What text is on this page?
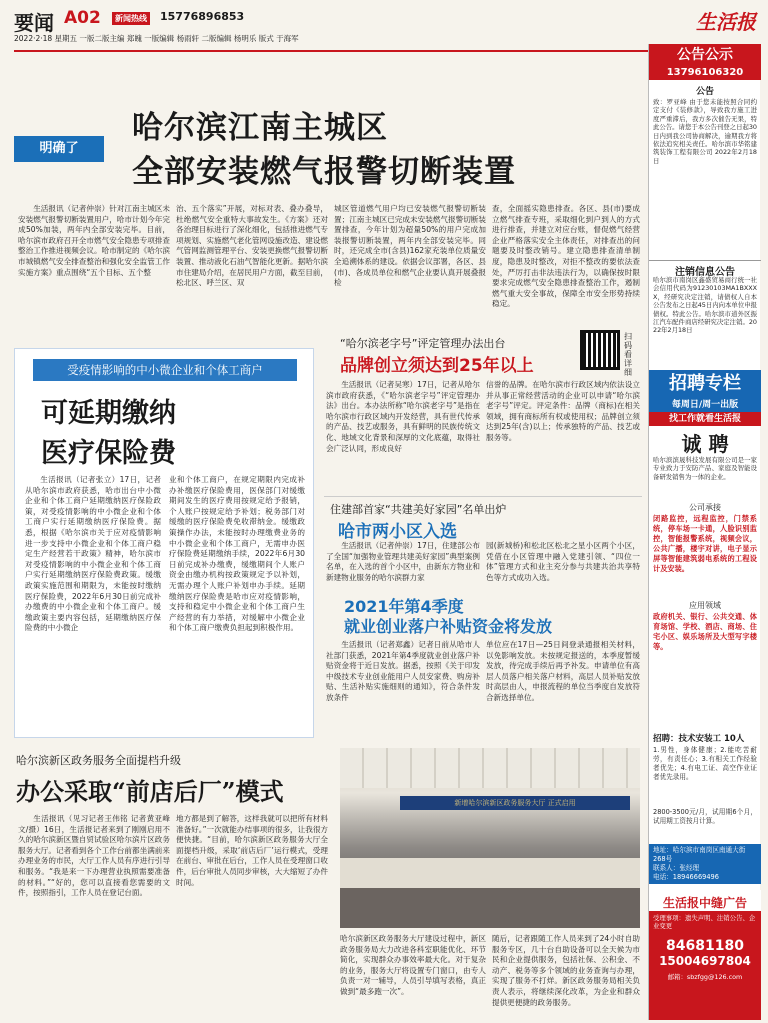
要闻 A02	新闻热线 15776896853	生活报
2022·2·18 星期五 一版二版主编 郑魄 一版编辑 杨雨轩 二版编辑 杨明乐 版式 于海军
明确了
哈尔滨江南主城区
全部安装燃气报警切断装置
生活报讯（记者仲崇）针对江南主城区未安装燃气报警切断装置用户，哈市计划今年完成50%加装，两年内全部安装完毕。目前，哈尔滨市政府召开全市燃气安全隐患专项排查整治工作推进视频会议。哈市制定的《哈尔滨市城镇燃气安全排查整治和强化安全监管工作实施方案》重点围绕“五个目标、五个整
治、五个落实”开展，对标对表、叠办叠导，杜绝燃气安全重特大事故发生。《方案》还对各治理目标进行了深化细化，包括推进燃气专项规划、实施燃气老化管网设施改造、建设燃气管网监测管理平台、安装更换燃气报警切断装置、推动液化石油气智能化更新。据哈尔滨市住建局介绍，在居民用户方面，截至目前，松北区、呼兰区、双
城区管道燃气用户均已安装燃气报警切断装置；江南主城区已完成未安装燃气报警切断装置排查，今年计划为超量50%的用户完成加装报警切断装置，两年内全部安装完毕。同时，还完成全市(含县)162家充装单位质量安全追溯体系的建设。依据会议部署，各区、县(市)、各成员单位和燃气企业要认真开展叠报检
查，全面摇实隐患排查。各区、县(市)要成立燃气排查专班，采取细化到户到人的方式进行排查，并建立对应台账，督促燃气经营企业严格落实安全主体责任，对排查出的问题要及时整改销号。建立隐患排查清单制度，隐患及时整改，对拒不整改的要依法查处，严厉打击非法违法行为，以确保按时限要求完成燃气安全隐患排查整治工作，遏制燃气重大安全事故，保障全市安全形势持续稳定。
受疫情影响的中小微企业和个体工商户
可延期缴纳
医疗保险费
生活报讯（记者张立）17日，记者从哈尔滨市政府获悉，哈市出台中小微企业和个体工商户延期缴纳医疗保险政策，对受疫情影响的中小微企业和个体工商户实行延期缴纳医疗保险费。据悉，根据《哈尔滨市关于应对疫情影响进一步支持中小微企业和个体工商户稳定生产经营若干政策》精神，哈尔滨市对受疫情影响的中小微企业和个体工商户实行延期缴纳医疗保险费政策。缓缴政策实施范围和期限为，未能按时缴纳医疗保险费，2022年6月30日前完成补办缴费的中小微企业和个体工商户。缓缴政策主要内容包括，延期缴纳医疗保险费的中小微企
业和个体工商户，在规定期限内完成补办补缴医疗保险费用，医保部门对缓缴期间发生的医疗费用按规定给予报销，个人账户按规定给予补划；税务部门对缓缴的医疗保险费免收滞纳金。缓缴政策操作办法，未能按时办理缴费业务的中小微企业和个体工商户，无需申办医疗保险费延期缴纳手续，2022年6月30日前完成补办缴费，缓缴期间个人账户资金由缴办机构按政策规定予以补划，无需办理个人账户补划申办手续。延期缴纳医疗保险费是哈市应对疫情影响，支持和稳定中小微企业和个体工商户生产经营的有力举措，对缓解中小微企业和个体工商户缴费负担起到积极作用。
“哈尔滨老字号”评定管理办法出台
品牌创立须达到25年以上
扫码看详细
生活报讯（记者吴寒）17日，记者从哈尔滨市政府获悉，《“哈尔滨老字号”评定管理办法》出台。本办法所称“哈尔滨老字号”是指在哈尔滨市行政区域内开发经营，具有世代传承的产品、技艺或服务，具有鲜明的民族传统文化、地域文化背景和深厚的文化底蕴，取得社会广泛认同，形成良好
信誉的品牌。在哈尔滨市行政区域内依法设立并从事正常经营活动的企业可以申请“哈尔滨老字号”评定。评定条件：品牌（商标)在相关领域，拥有商标所有权或使用权；品牌创立须达到25年(含)以上；传承独特的产品、技艺或服务等。
住建部首家“共建美好家园”名单出炉
哈市两小区入选
生活报讯（记者仲崇）17日，住建部公布了全国“加强物业管理共建美好家园”典型案例名单，在入选的首个小区中，由新东方物业和新建物业服务的哈尔滨群力家
园(新城桥)和松北区松北之星小区两个小区，凭借在小区管理中融入党建引领、“四位一体”管理方式和业主充分参与共建共治共享特色等方式成功入选。
2021年第4季度
就业创业落户补贴资金将发放
生活报讯（记者郑鑫）记者日前从哈市人社部门获悉，2021年第4季度就业创业落户补贴资金将于近日发放。据悉，按照《关于印发中级技术专业创业能用户人员安家费、购房补贴、生活补贴实施细则的通知》，符合条件发放条件
单位应在17日—25日间登录通报相关材料，以免影响发放。未按规定报送的，本季度暂缓发放，待完成手续后再予补发。申请单位有高层人员落户相关落户材料，高层人员补贴发放时高层由人，申报流程的单位当季度自发放符合新选择单位。
哈尔滨新区政务服务全面提档升级
办公采取“前店后厂”模式
生活报讯（见习记者王伟铭 记者黄亚峰文/摄）16日，生活报记者来到了刚刚启用不久的哈尔滨新区暨自贸试验区哈尔滨片区政务服务大厅。记者看到各个工作台前都坐满前来办理业务的市民，大厅工作人员有序进行引导和服务。“我是来一下办理营业执照需要准备的材料。”“好的，您可以直接看您需要的文件，按照指引，工作人员在登记台面。
地方都是到了解答，这样我就可以把所有材料准备好。”一次就能办结事项的很多，让我很方便快捷。“目前，哈尔滨新区政务服务大厅全面提档升级，采取‘前店后厂’运行模式，受理在前台、审批在后台，工作人员在受理窗口收件，后台审批人员同步审核，大大缩短了办件时间。
新增哈尔滨新区政务服务大厅 正式启用
哈尔滨新区政务服务大厅建设过程中，新区政务服务局大力改进各科室职能优化、环节简化，实现群众办事效率最大化。对于复杂的业务，服务大厅将设置专门窗口，由专人负责一对一辅导，人员引导填写表格，真正做到“最多跑一次”。
随后，记者跟随工作人员来到了24小时自助服务专区，几十台自助设备可以全天候为市民和企业提供服务，包括社保、公积金、不动产、税务等多个领域的业务查询与办理，实现了服务不打烊。新区政务服务局相关负责人表示，将继续深化改革，为企业和群众提供更便捷的政务服务。
公告公示
13796106320
公告
致：罗亚峰 由于您未能按照合同约定支付《装修款》，导致我方施工进度严重滞后，我方多次催告无果，特此公告。请您于本公告刊登之日起30日内到我公司协商解决，逾期我方将依法追究相关责任。哈尔滨市华铭建筑装饰工程有限公司 2022年2月18日
注销信息公告
哈尔滨市南岗区鑫盛贸易商行统一社会信用代码为91230103MA1BXXXX，经研究决定注销，请债权人自本公告发布之日起45日内向本单位申报债权。特此公告。哈尔滨市道外区振江汽车配件商店经研究决定注销。2022年2月18日
招聘专栏
每周日/周一出版
找工作就看生活报
诚 聘
哈尔滨滨晟科技发展有限公司是一家专业致力于安防产品、家庭及智能设备研发销售为一体的企业。
公司承接
闭路监控，远程监控，门禁系统，停车场一卡通，人脸识别监控，智能报警系统，视频会议，公共广播，楼宇对讲，电子显示屏等智能建筑弱电系统的工程设计及安装。
应用领域
政府机关、银行、公共交通、体育场馆、学校、酒店、商场、住宅小区、娱乐场所及大型写字楼等。
招聘：技术安装工 10人
1.男性，身体健康；2.能吃苦耐劳，有责任心；3.有相关工作经验者优先；4.有电工证、高空作业证者优先录用。
2800-3500元/月，试用期6个月，试用期工资按月计算。
地址：哈尔滨市南岗区南通大街268号
联系人：张经理
电话：18946669496
生活报中缝广告
受理事项：遗失声明、注销公告、企业变更
84681180
15004697804
邮箱：sbzfgg@126.com
